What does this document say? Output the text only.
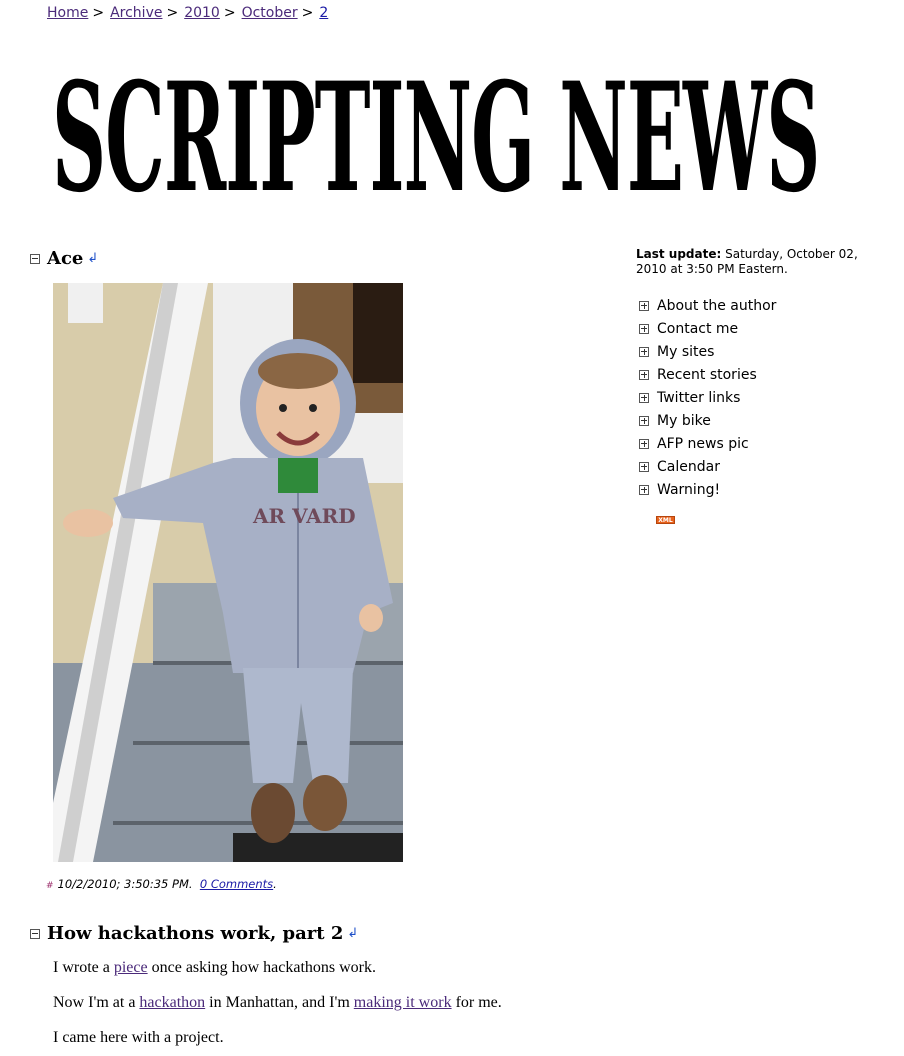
Home > Archive > 2010 > October > 2
SCRIPTING NEWS
Ace ↲
AR VARD
# 10/2/2010; 3:50:35 PM. 0 Comments.
How hackathons work, part 2 ↲
I wrote a piece once asking how hackathons work.
Now I'm at a hackathon in Manhattan, and I'm making it work for me.
I came here with a project.
Last update: Saturday, October 02, 2010 at 3:50 PM Eastern.
About the author
Contact me
My sites
Recent stories
Twitter links
My bike
AFP news pic
Calendar
Warning!
XML
